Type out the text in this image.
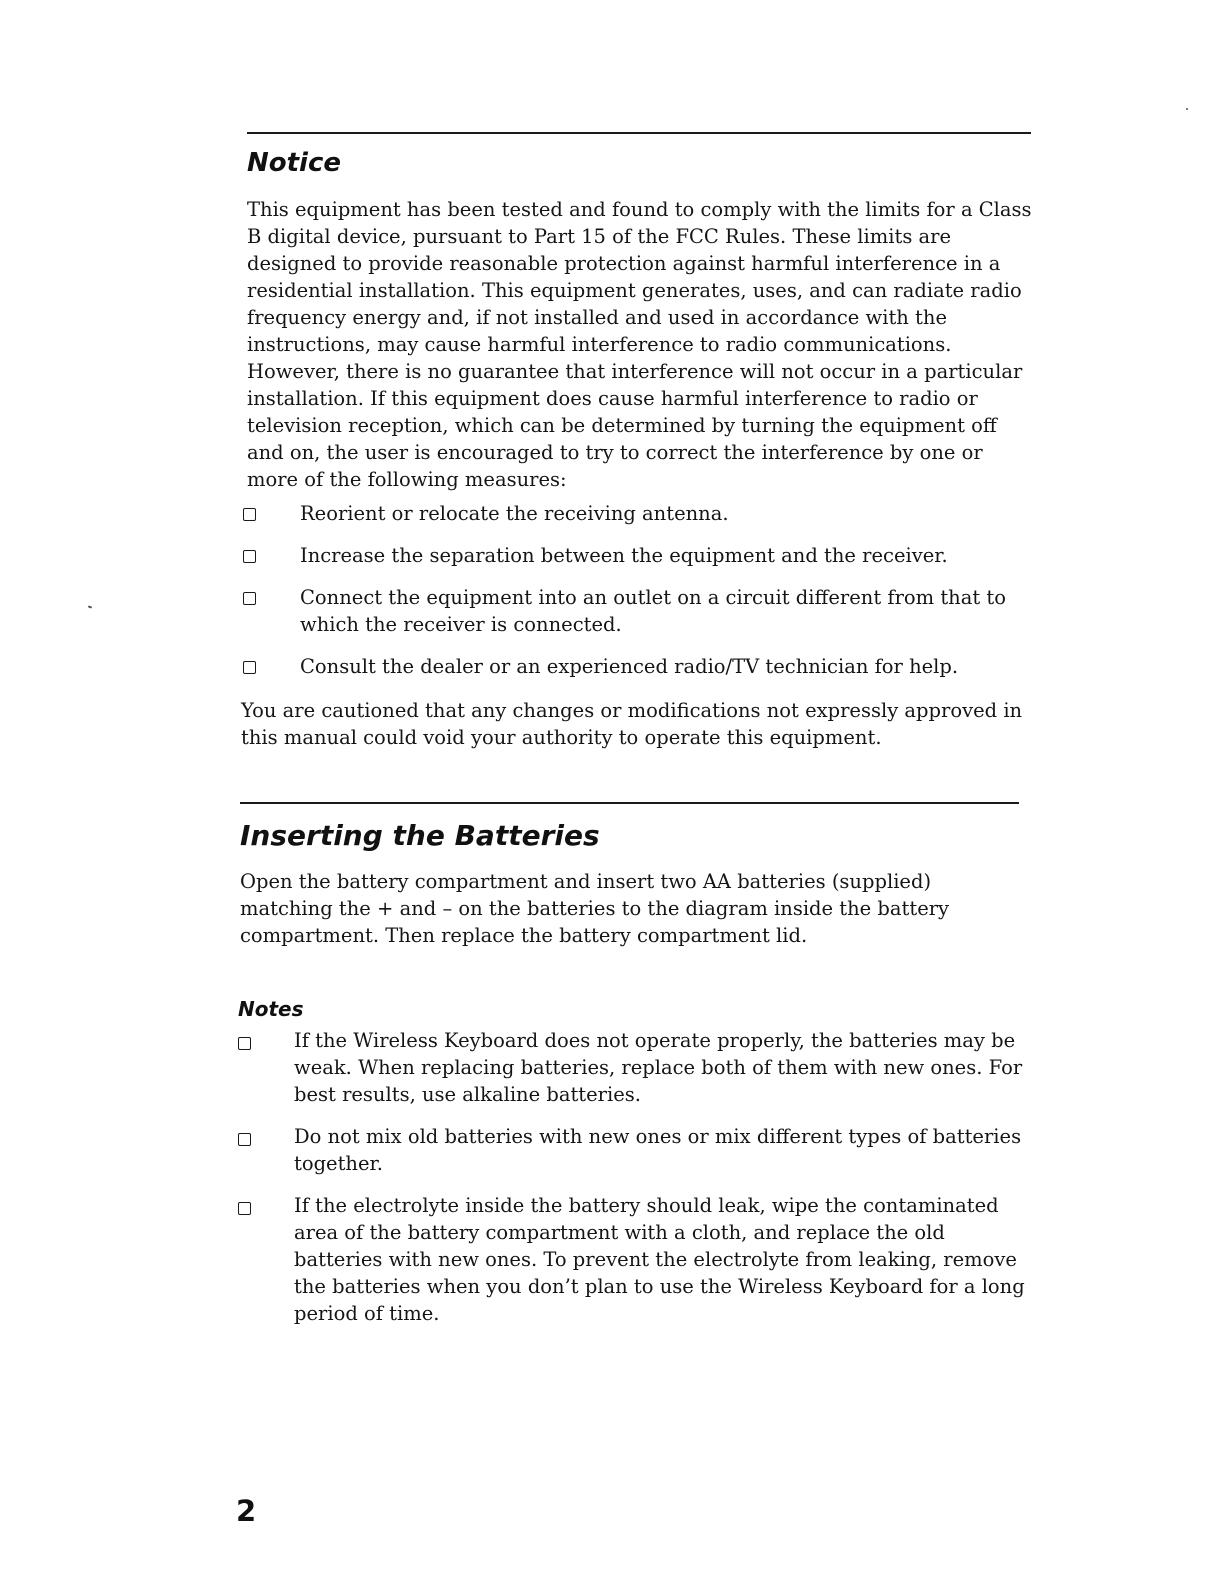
Notice

This equipment has been tested and found to comply with the limits for a Class B digital device, pursuant to Part 15 of the FCC Rules. These limits are designed to provide reasonable protection against harmful interference in a residential installation. This equipment generates, uses, and can radiate radio frequency energy and, if not installed and used in accordance with the instructions, may cause harmful interference to radio communications. However, there is no guarantee that interference will not occur in a particular installation. If this equipment does cause harmful interference to radio or television reception, which can be determined by turning the equipment off and on, the user is encouraged to try to correct the interference by one or more of the following measures:

Reorient or relocate the receiving antenna.
Increase the separation between the equipment and the receiver.
Connect the equipment into an outlet on a circuit different from that to which the receiver is connected.
Consult the dealer or an experienced radio/TV technician for help.

You are cautioned that any changes or modifications not expressly approved in this manual could void your authority to operate this equipment.

Inserting the Batteries

Open the battery compartment and insert two AA batteries (supplied) matching the + and – on the batteries to the diagram inside the battery compartment. Then replace the battery compartment lid.

Notes
If the Wireless Keyboard does not operate properly, the batteries may be weak. When replacing batteries, replace both of them with new ones. For best results, use alkaline batteries.
Do not mix old batteries with new ones or mix different types of batteries together.
If the electrolyte inside the battery should leak, wipe the contaminated area of the battery compartment with a cloth, and replace the old batteries with new ones. To prevent the electrolyte from leaking, remove the batteries when you don’t plan to use the Wireless Keyboard for a long period of time.
2
